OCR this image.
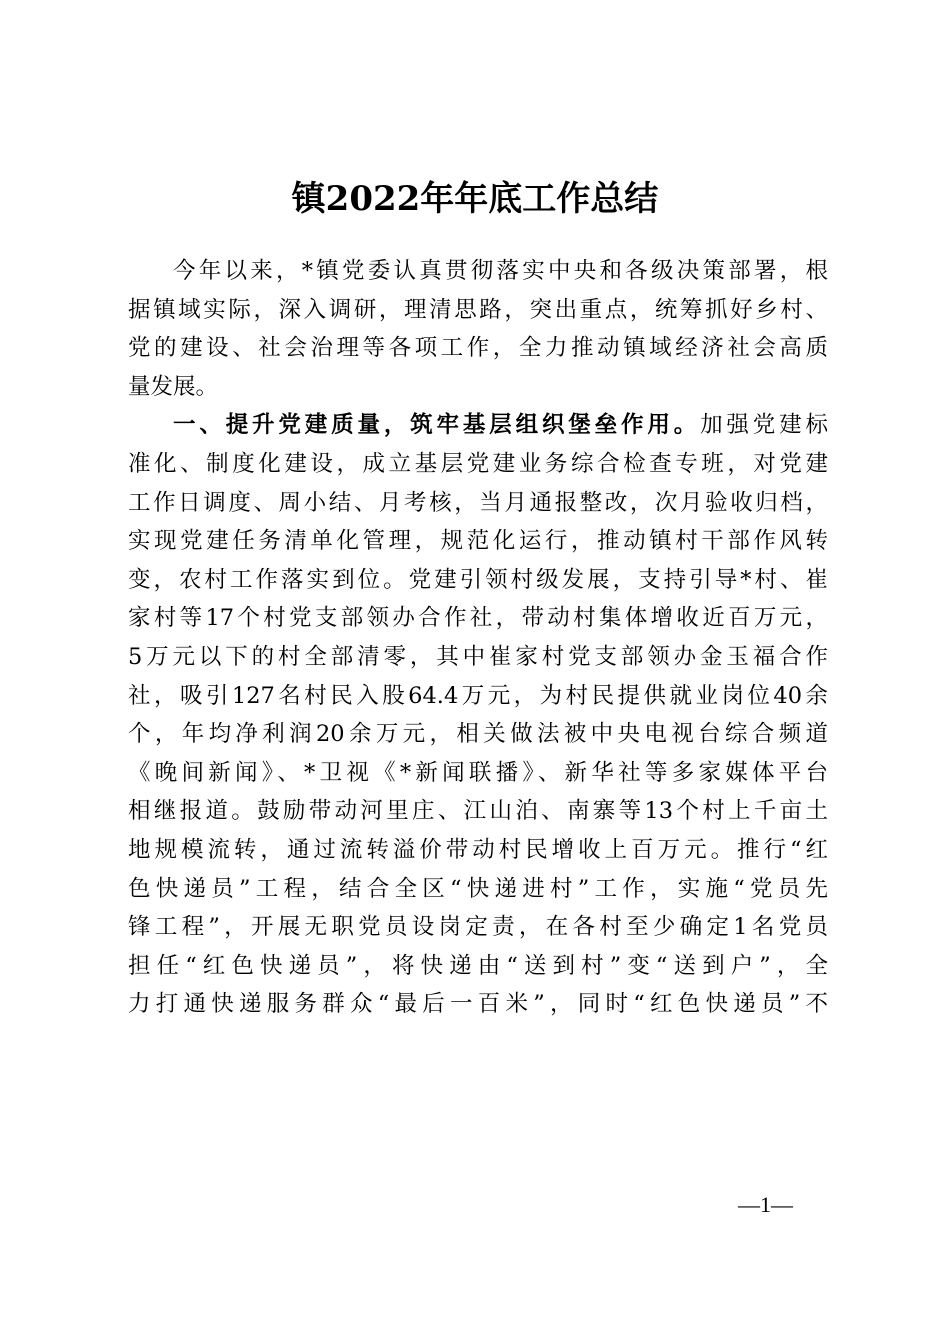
镇2022年年底工作总结
今年以来，*镇党委认真贯彻落实中央和各级决策部署，根
据镇域实际，深入调研，理清思路，突出重点，统筹抓好乡村、
党的建设、社会治理等各项工作，全力推动镇域经济社会高质
量发展。
一、提升党建质量，筑牢基层组织堡垒作用。加强党建标
准化、制度化建设，成立基层党建业务综合检查专班，对党建
工作日调度、周小结、月考核，当月通报整改，次月验收归档，
实现党建任务清单化管理，规范化运行，推动镇村干部作风转
变，农村工作落实到位。党建引领村级发展，支持引导*村、崔
家村等17个村党支部领办合作社，带动村集体增收近百万元，
5万元以下的村全部清零，其中崔家村党支部领办金玉福合作
社，吸引127名村民入股64.4万元，为村民提供就业岗位40余
个，年均净利润20余万元，相关做法被中央电视台综合频道
《晚间新闻》、*卫视《*新闻联播》、新华社等多家媒体平台
相继报道。鼓励带动河里庄、江山泊、南寨等13个村上千亩土
地规模流转，通过流转溢价带动村民增收上百万元。推行“红
色快递员”工程，结合全区“快递进村”工作，实施“党员先
锋工程”，开展无职党员设岗定责，在各村至少确定1名党员
担任“红色快递员”，将快递由“送到村”变“送到户”，全
力打通快递服务群众“最后一百米”，同时“红色快递员”不
—1—
